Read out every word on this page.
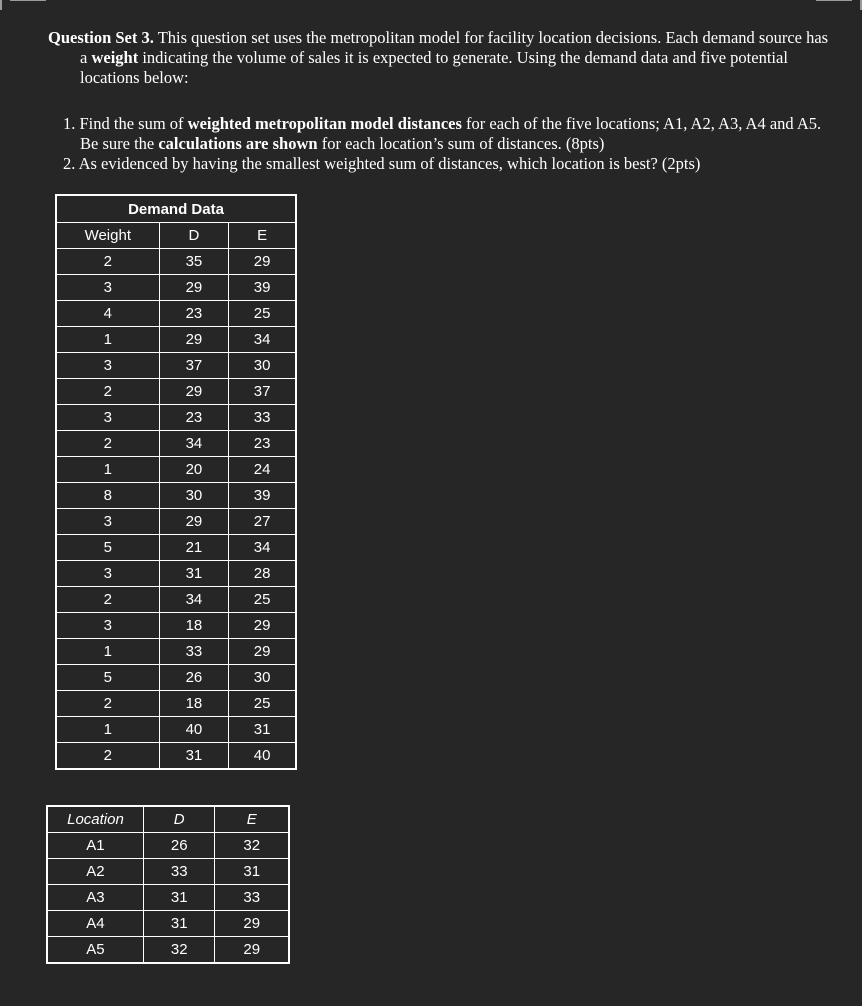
Question Set 3. This question set uses the metropolitan model for facility location decisions. Each demand source has a weight indicating the volume of sales it is expected to generate. Using the demand data and five potential locations below:

1. Find the sum of weighted metropolitan model distances for each of the five locations; A1, A2, A3, A4 and A5. Be sure the calculations are shown for each location’s sum of distances. (8pts)

2. As evidenced by having the smallest weighted sum of distances, which location is best? (2pts)

Demand Data		
Weight	D	E
2	35	29
3	29	39
4	23	25
1	29	34
3	37	30
2	29	37
3	23	33
2	34	23
1	20	24
8	30	39
3	29	27
5	21	34
3	31	28
2	34	25
3	18	29
1	33	29
5	26	30
2	18	25
1	40	31
2	31	40
Location	D	E
A1	26	32
A2	33	31
A3	31	33
A4	31	29
A5	32	29
